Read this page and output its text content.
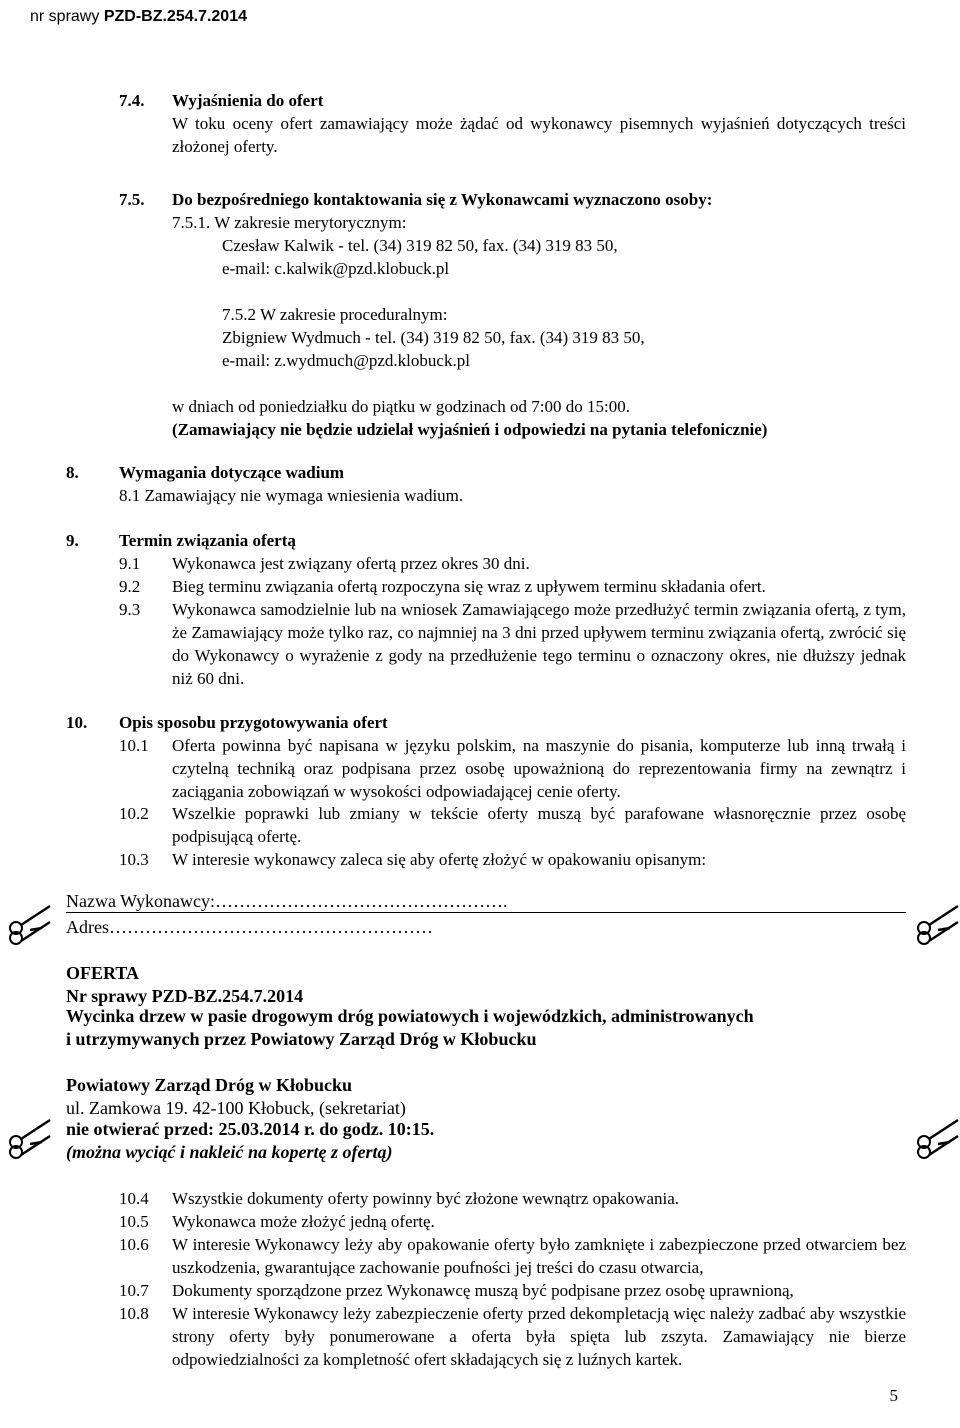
nr sprawy PZD-BZ.254.7.2014
7.4. Wyjaśnienia do ofert
W toku oceny ofert zamawiający może żądać od wykonawcy pisemnych wyjaśnień dotyczących treści złożonej oferty.
7.5. Do bezpośredniego kontaktowania się z Wykonawcami wyznaczono osoby:
7.5.1. W zakresie merytorycznym:
Czesław Kalwik - tel. (34) 319 82 50, fax. (34) 319 83 50,
e-mail: c.kalwik@pzd.klobuck.pl
7.5.2 W zakresie proceduralnym:
Zbigniew Wydmuch - tel. (34) 319 82 50, fax. (34) 319 83 50,
e-mail: z.wydmuch@pzd.klobuck.pl
w dniach od poniedziałku do piątku w godzinach od 7:00 do 15:00.
(Zamawiający nie będzie udzielał wyjaśnień i odpowiedzi na pytania telefonicznie)
8. Wymagania dotyczące wadium
8.1 Zamawiający nie wymaga wniesienia wadium.
9. Termin związania ofertą
9.1 Wykonawca jest związany ofertą przez okres 30 dni.
9.2 Bieg terminu związania ofertą rozpoczyna się wraz z upływem terminu składania ofert.
9.3 Wykonawca samodzielnie lub na wniosek Zamawiającego może przedłużyć termin związania ofertą, z tym, że Zamawiający może tylko raz, co najmniej na 3 dni przed upływem terminu związania ofertą, zwrócić się do Wykonawcy o wyrażenie z gody na przedłużenie tego terminu o oznaczony okres, nie dłuższy jednak niż 60 dni.
10. Opis sposobu przygotowywania ofert
10.1 Oferta powinna być napisana w języku polskim, na maszynie do pisania, komputerze lub inną trwałą i czytelną techniką oraz podpisana przez osobę upoważnioną do reprezentowania firmy na zewnątrz i zaciągania zobowiązań w wysokości odpowiadającej cenie oferty.
10.2 Wszelkie poprawki lub zmiany w tekście oferty muszą być parafowane własnoręcznie przez osobę podpisującą ofertę.
10.3 W interesie wykonawcy zaleca się aby ofertę złożyć w opakowaniu opisanym:
Nazwa Wykonawcy:………………………………………….
Adres………………………………………………
OFERTA
Nr sprawy PZD-BZ.254.7.2014
Wycinka drzew w pasie drogowym dróg powiatowych i wojewódzkich, administrowanych
i utrzymywanych przez Powiatowy Zarząd Dróg w Kłobucku
Powiatowy Zarząd Dróg w Kłobucku
ul. Zamkowa 19. 42-100 Kłobuck, (sekretariat)
nie otwierać przed: 25.03.2014 r. do godz. 10:15.
(można wyciąć i nakleić na kopertę z ofertą)
10.4 Wszystkie dokumenty oferty powinny być złożone wewnątrz opakowania.
10.5 Wykonawca może złożyć jedną ofertę.
10.6 W interesie Wykonawcy leży aby opakowanie oferty było zamknięte i zabezpieczone przed otwarciem bez uszkodzenia, gwarantujące zachowanie poufności jej treści do czasu otwarcia,
10.7 Dokumenty sporządzone przez Wykonawcę muszą być podpisane przez osobę uprawnioną,
10.8 W interesie Wykonawcy leży zabezpieczenie oferty przed dekompletacją więc należy zadbać aby wszystkie strony oferty były ponumerowane a oferta była spięta lub zszyta. Zamawiający nie bierze odpowiedzialności za kompletność ofert składających się z luźnych kartek.
5
